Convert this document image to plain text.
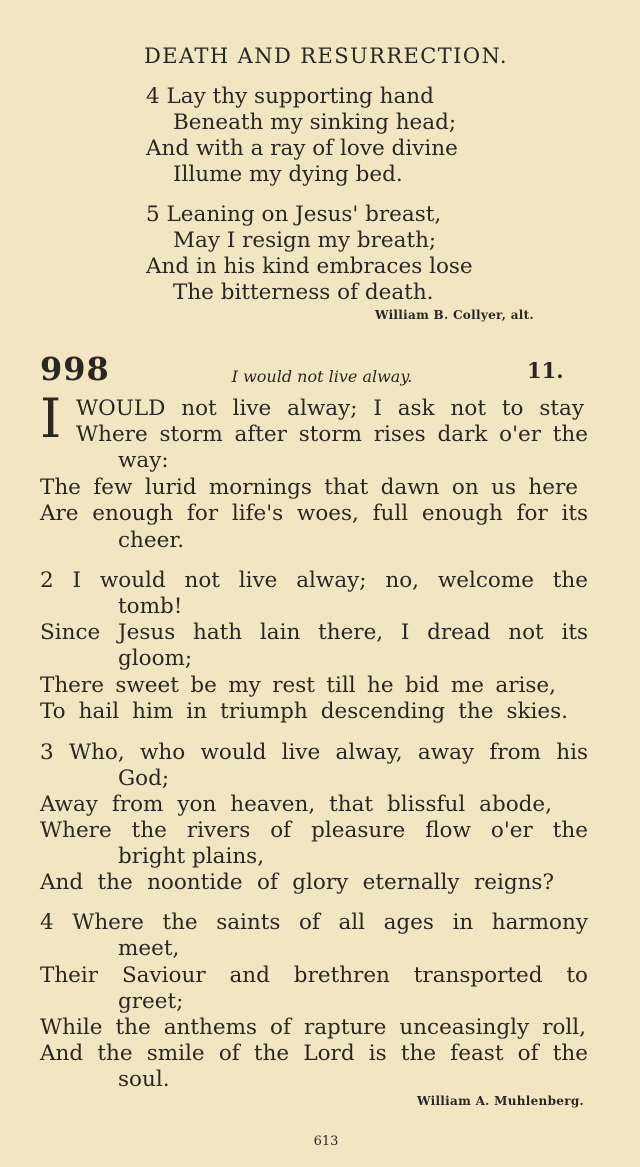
DEATH AND RESURRECTION.
4 Lay thy supporting hand
Beneath my sinking head;
And with a ray of love divine
Illume my dying bed.
5 Leaning on Jesus' breast,
May I resign my breath;
And in his kind embraces lose
The bitterness of death.
William B. Collyer, alt.
998	I would not live alway.	11.
I WOULD not live alway; I ask not to stay
Where storm after storm rises dark o'er the
way:
The few lurid mornings that dawn on us here
Are enough for life's woes, full enough for its
cheer.
2 I would not live alway; no, welcome the
tomb!
Since Jesus hath lain there, I dread not its
gloom;
There sweet be my rest till he bid me arise,
To hail him in triumph descending the skies.
3 Who, who would live alway, away from his
God;
Away from yon heaven, that blissful abode,
Where the rivers of pleasure flow o'er the
bright plains,
And the noontide of glory eternally reigns?
4 Where the saints of all ages in harmony
meet,
Their Saviour and brethren transported to
greet;
While the anthems of rapture unceasingly roll,
And the smile of the Lord is the feast of the
soul.
William A. Muhlenberg.
613
